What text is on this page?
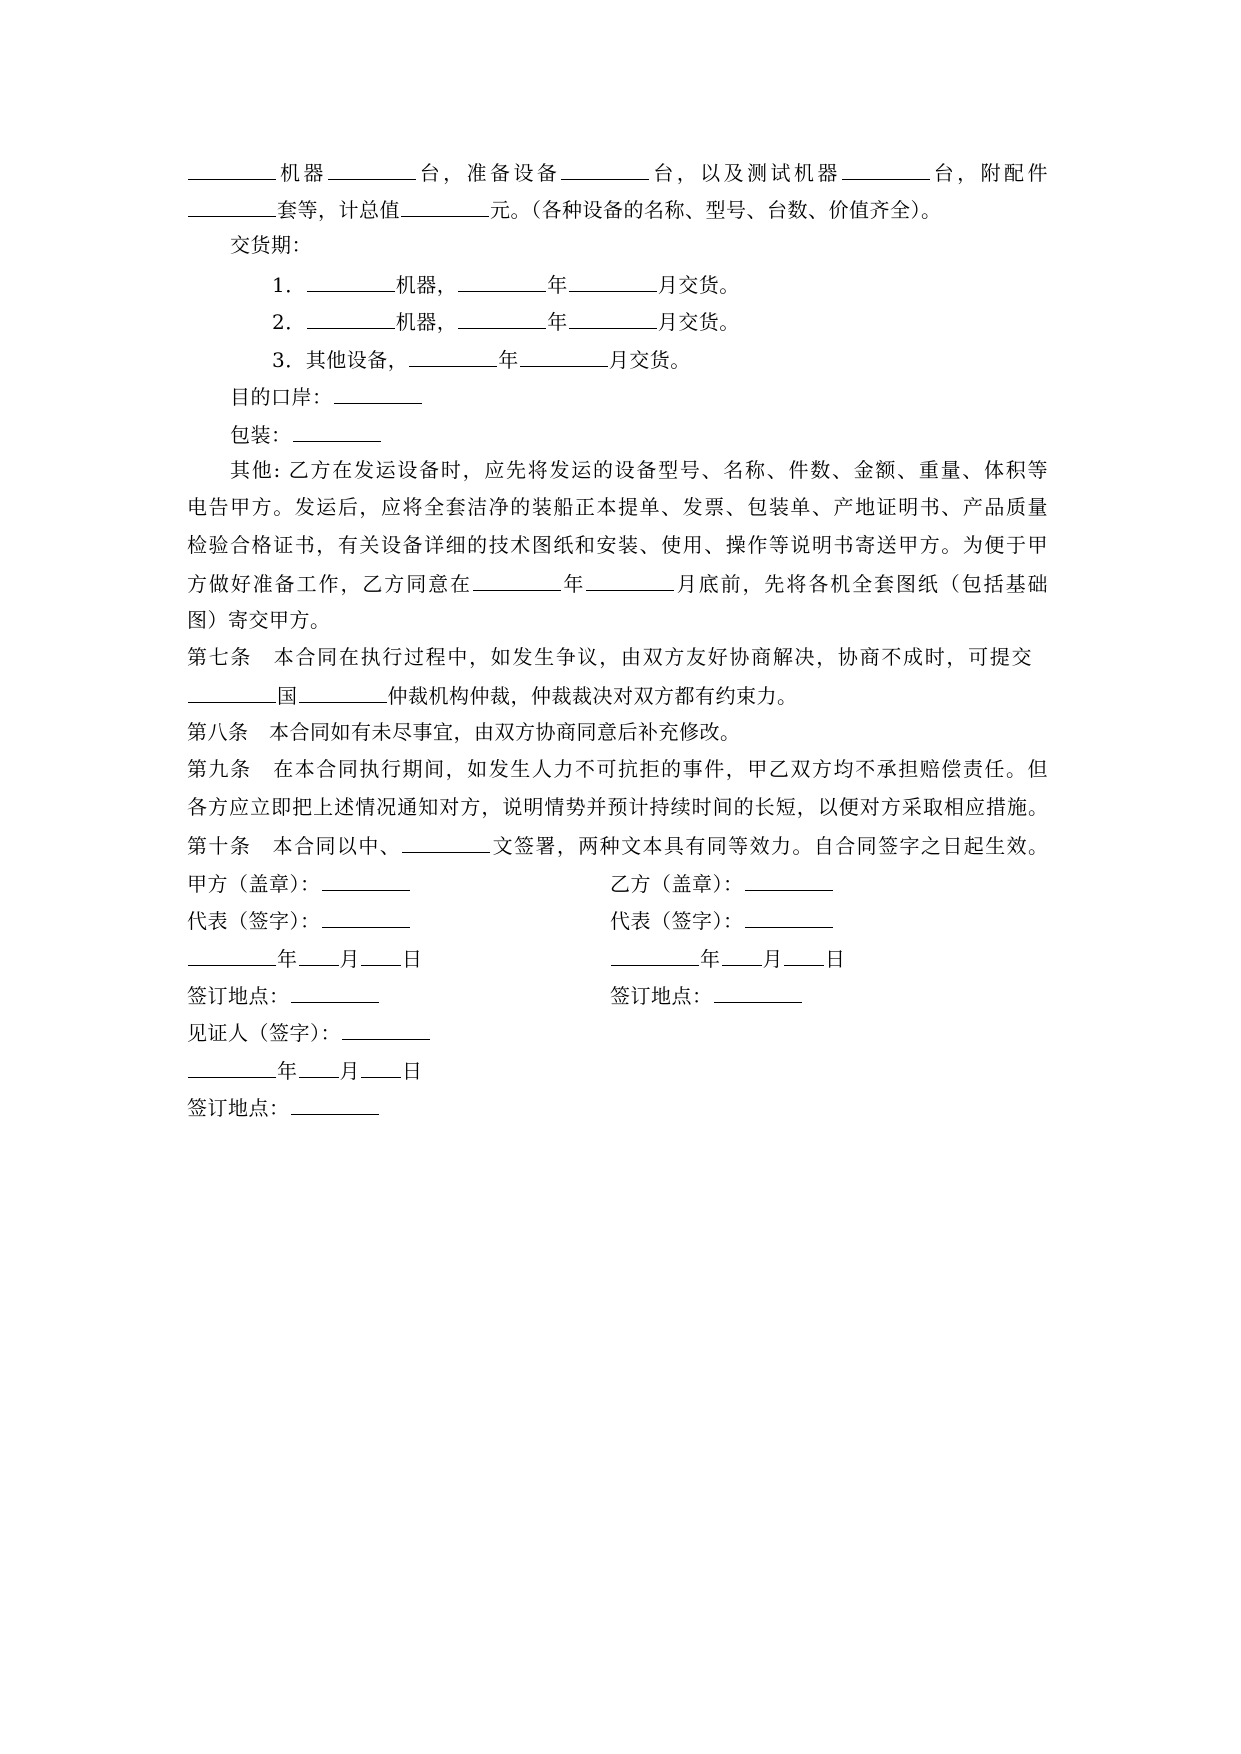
机器	台，准备设备	台，以及测试机器	台，附配件
套等，计总值	元。（各种设备的名称、型号、台数、价值齐全）。
交货期：
1．	机器，	年	月交货。
2．	机器，	年	月交货。
3．其他设备，	年	月交货。
目的口岸：
包装：
其他: 乙方在发运设备时，应先将发运的设备型号、名称、件数、金额、重量、体积等
电告甲方。发运后，应将全套洁净的装船正本提单、发票、包装单、产地证明书、产品质量
检验合格证书，有关设备详细的技术图纸和安装、使用、操作等说明书寄送甲方。为便于甲
方做好准备工作，乙方同意在	年	月底前，先将各机全套图纸（包括基础
图）寄交甲方。
第七条　本合同在执行过程中，如发生争议，由双方友好协商解决，协商不成时，可提交
国	仲裁机构仲裁，仲裁裁决对双方都有约束力。
第八条　本合同如有未尽事宜，由双方协商同意后补充修改。
第九条　在本合同执行期间，如发生人力不可抗拒的事件，甲乙双方均不承担赔偿责任。但
各方应立即把上述情况通知对方，说明情势并预计持续时间的长短，以便对方采取相应措施。
第十条　本合同以中、	文签署，两种文本具有同等效力。自合同签字之日起生效。
甲方（盖章）：	乙方（盖章）：
代表（签字）：	代表（签字）：
年 月 日	年 月 日
签订地点：	签订地点：
见证人（签字）：
年 月 日
签订地点：
